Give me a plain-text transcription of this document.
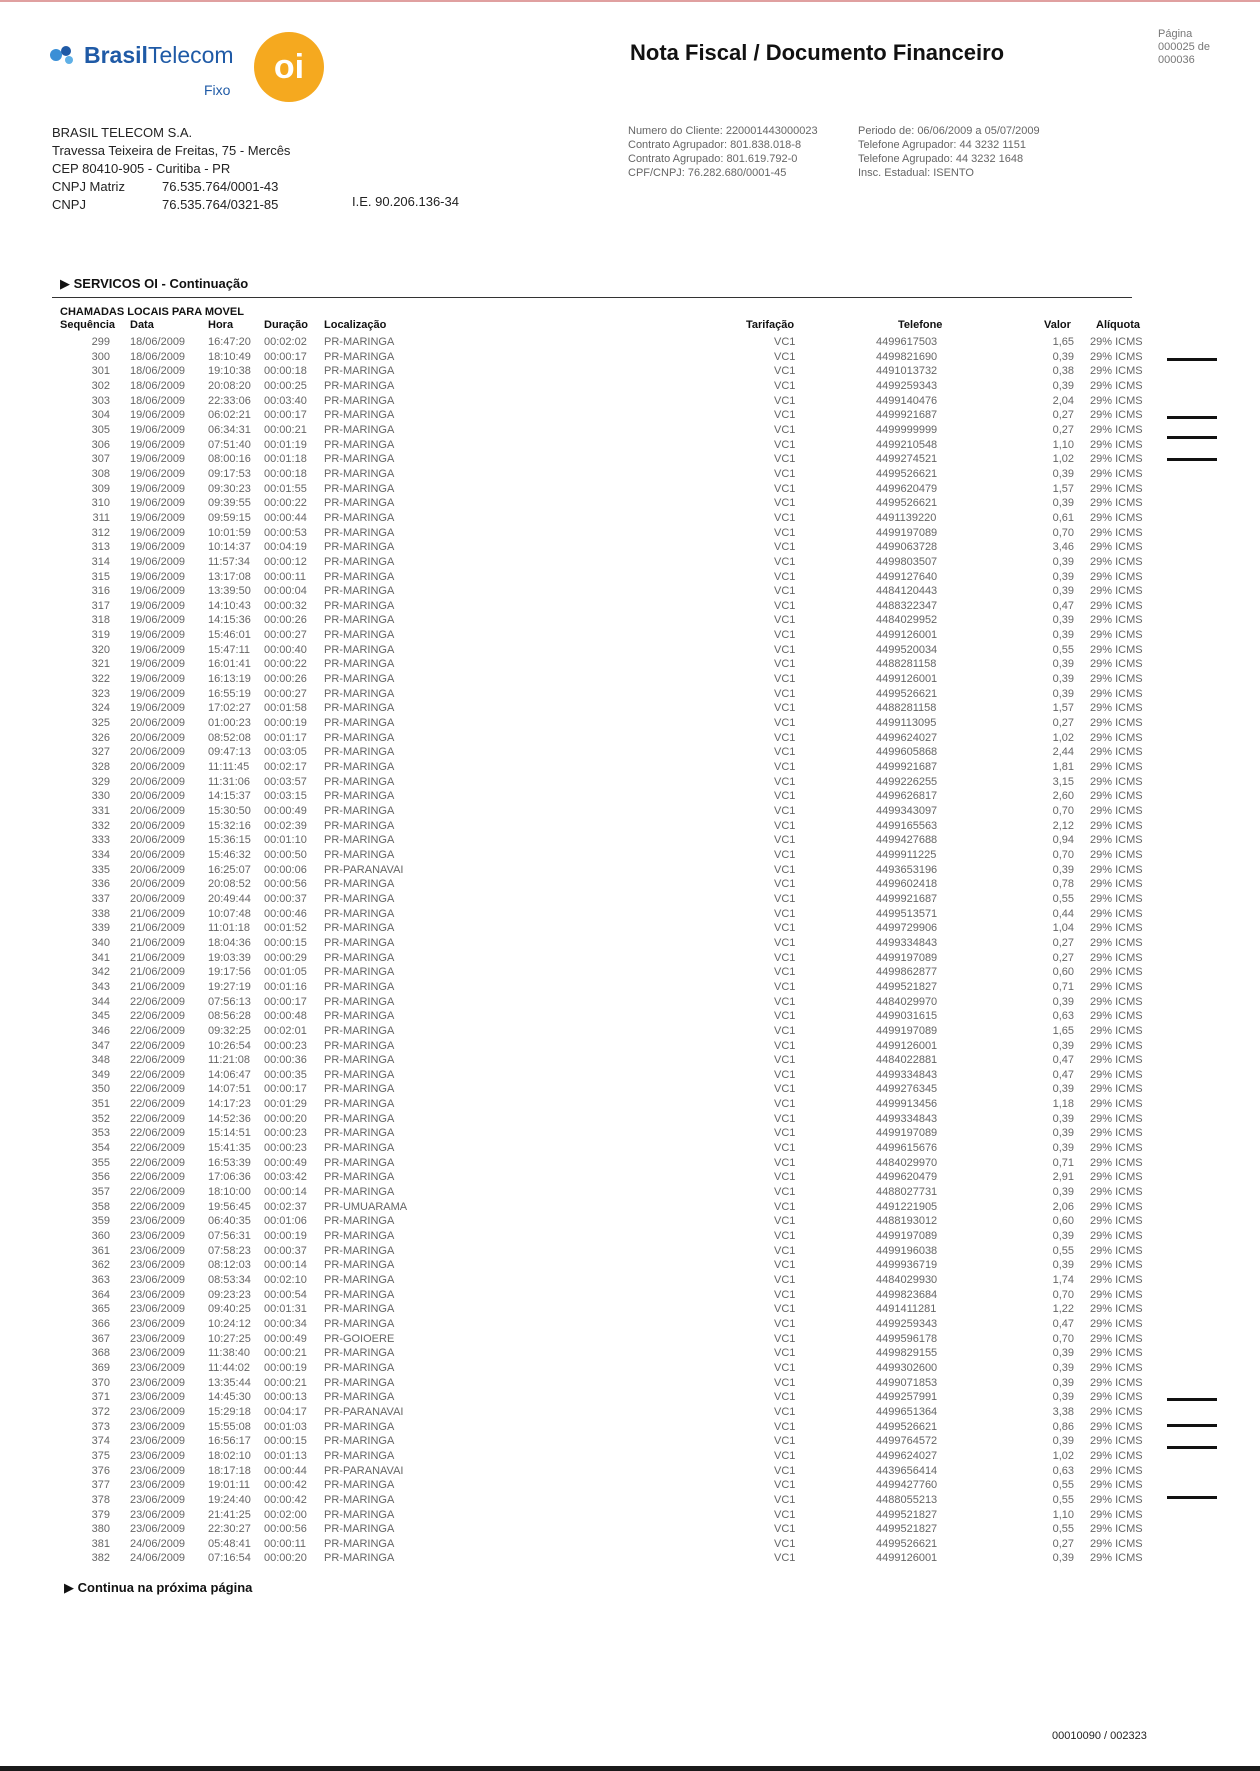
BrasilTelecom
Fixo
oi	Nota Fiscal / Documento Financeiro
Página
000025 de
000036
BRASIL TELECOM S.A.
Travessa Teixeira de Freitas, 75 - Mercês
CEP 80410-905 - Curitiba - PR
CNPJ Matriz	76.535.764/0001-43
CNPJ	76.535.764/0321-85	I.E. 90.206.136-34
Numero do Cliente: 220001443000023
Contrato Agrupador: 801.838.018-8
Contrato Agrupado: 801.619.792-0
CPF/CNPJ: 76.282.680/0001-45
Periodo de: 06/06/2009 a 05/07/2009
Telefone Agrupador: 44 3232 1151
Telefone Agrupado: 44 3232 1648
Insc. Estadual: ISENTO
▶ SERVICOS OI - Continuação
CHAMADAS LOCAIS PARA MOVEL
Sequência Data	Hora	Duração Localização	Tarifação	Telefone	Valor Alíquota
299 18/06/2009 16:47:20 00:02:02 PR-MARINGA	VC1	4499617503	1,65 29% ICMS
300 18/06/2009 18:10:49 00:00:17 PR-MARINGA	VC1	4499821690	0,39 29% ICMS
301 18/06/2009 19:10:38 00:00:18 PR-MARINGA	VC1	4491013732	0,38 29% ICMS
302 18/06/2009 20:08:20 00:00:25 PR-MARINGA	VC1	4499259343	0,39 29% ICMS
303 18/06/2009 22:33:06 00:03:40 PR-MARINGA	VC1	4499140476	2,04 29% ICMS
304 19/06/2009 06:02:21 00:00:17 PR-MARINGA	VC1	4499921687	0,27 29% ICMS
305 19/06/2009 06:34:31 00:00:21 PR-MARINGA	VC1	4499999999	0,27 29% ICMS
306 19/06/2009 07:51:40 00:01:19 PR-MARINGA	VC1	4499210548	1,10 29% ICMS
307 19/06/2009 08:00:16 00:01:18 PR-MARINGA	VC1	4499274521	1,02 29% ICMS
308 19/06/2009 09:17:53 00:00:18 PR-MARINGA	VC1	4499526621	0,39 29% ICMS
309 19/06/2009 09:30:23 00:01:55 PR-MARINGA	VC1	4499620479	1,57 29% ICMS
310 19/06/2009 09:39:55 00:00:22 PR-MARINGA	VC1	4499526621	0,39 29% ICMS
311 19/06/2009 09:59:15 00:00:44 PR-MARINGA	VC1	4491139220	0,61 29% ICMS
312 19/06/2009 10:01:59 00:00:53 PR-MARINGA	VC1	4499197089	0,70 29% ICMS
313 19/06/2009 10:14:37 00:04:19 PR-MARINGA	VC1	4499063728	3,46 29% ICMS
314 19/06/2009 11:57:34 00:00:12 PR-MARINGA	VC1	4499803507	0,39 29% ICMS
315 19/06/2009 13:17:08 00:00:11 PR-MARINGA	VC1	4499127640	0,39 29% ICMS
316 19/06/2009 13:39:50 00:00:04 PR-MARINGA	VC1	4484120443	0,39 29% ICMS
317 19/06/2009 14:10:43 00:00:32 PR-MARINGA	VC1	4488322347	0,47 29% ICMS
318 19/06/2009 14:15:36 00:00:26 PR-MARINGA	VC1	4484029952	0,39 29% ICMS
319 19/06/2009 15:46:01 00:00:27 PR-MARINGA	VC1	4499126001	0,39 29% ICMS
320 19/06/2009 15:47:11 00:00:40 PR-MARINGA	VC1	4499520034	0,55 29% ICMS
321 19/06/2009 16:01:41 00:00:22 PR-MARINGA	VC1	4488281158	0,39 29% ICMS
322 19/06/2009 16:13:19 00:00:26 PR-MARINGA	VC1	4499126001	0,39 29% ICMS
323 19/06/2009 16:55:19 00:00:27 PR-MARINGA	VC1	4499526621	0,39 29% ICMS
324 19/06/2009 17:02:27 00:01:58 PR-MARINGA	VC1	4488281158	1,57 29% ICMS
325 20/06/2009 01:00:23 00:00:19 PR-MARINGA	VC1	4499113095	0,27 29% ICMS
326 20/06/2009 08:52:08 00:01:17 PR-MARINGA	VC1	4499624027	1,02 29% ICMS
327 20/06/2009 09:47:13 00:03:05 PR-MARINGA	VC1	4499605868	2,44 29% ICMS
328 20/06/2009 11:11:45 00:02:17 PR-MARINGA	VC1	4499921687	1,81 29% ICMS
329 20/06/2009 11:31:06 00:03:57 PR-MARINGA	VC1	4499226255	3,15 29% ICMS
330 20/06/2009 14:15:37 00:03:15 PR-MARINGA	VC1	4499626817	2,60 29% ICMS
331 20/06/2009 15:30:50 00:00:49 PR-MARINGA	VC1	4499343097	0,70 29% ICMS
332 20/06/2009 15:32:16 00:02:39 PR-MARINGA	VC1	4499165563	2,12 29% ICMS
333 20/06/2009 15:36:15 00:01:10 PR-MARINGA	VC1	4499427688	0,94 29% ICMS
334 20/06/2009 15:46:32 00:00:50 PR-MARINGA	VC1	4499911225	0,70 29% ICMS
335 20/06/2009 16:25:07 00:00:06 PR-PARANAVAI	VC1	4493653196	0,39 29% ICMS
336 20/06/2009 20:08:52 00:00:56 PR-MARINGA	VC1	4499602418	0,78 29% ICMS
337 20/06/2009 20:49:44 00:00:37 PR-MARINGA	VC1	4499921687	0,55 29% ICMS
338 21/06/2009 10:07:48 00:00:46 PR-MARINGA	VC1	4499513571	0,44 29% ICMS
339 21/06/2009 11:01:18 00:01:52 PR-MARINGA	VC1	4499729906	1,04 29% ICMS
340 21/06/2009 18:04:36 00:00:15 PR-MARINGA	VC1	4499334843	0,27 29% ICMS
341 21/06/2009 19:03:39 00:00:29 PR-MARINGA	VC1	4499197089	0,27 29% ICMS
342 21/06/2009 19:17:56 00:01:05 PR-MARINGA	VC1	4499862877	0,60 29% ICMS
343 21/06/2009 19:27:19 00:01:16 PR-MARINGA	VC1	4499521827	0,71 29% ICMS
344 22/06/2009 07:56:13 00:00:17 PR-MARINGA	VC1	4484029970	0,39 29% ICMS
345 22/06/2009 08:56:28 00:00:48 PR-MARINGA	VC1	4499031615	0,63 29% ICMS
346 22/06/2009 09:32:25 00:02:01 PR-MARINGA	VC1	4499197089	1,65 29% ICMS
347 22/06/2009 10:26:54 00:00:23 PR-MARINGA	VC1	4499126001	0,39 29% ICMS
348 22/06/2009 11:21:08 00:00:36 PR-MARINGA	VC1	4484022881	0,47 29% ICMS
349 22/06/2009 14:06:47 00:00:35 PR-MARINGA	VC1	4499334843	0,47 29% ICMS
350 22/06/2009 14:07:51 00:00:17 PR-MARINGA	VC1	4499276345	0,39 29% ICMS
351 22/06/2009 14:17:23 00:01:29 PR-MARINGA	VC1	4499913456	1,18 29% ICMS
352 22/06/2009 14:52:36 00:00:20 PR-MARINGA	VC1	4499334843	0,39 29% ICMS
353 22/06/2009 15:14:51 00:00:23 PR-MARINGA	VC1	4499197089	0,39 29% ICMS
354 22/06/2009 15:41:35 00:00:23 PR-MARINGA	VC1	4499615676	0,39 29% ICMS
355 22/06/2009 16:53:39 00:00:49 PR-MARINGA	VC1	4484029970	0,71 29% ICMS
356 22/06/2009 17:06:36 00:03:42 PR-MARINGA	VC1	4499620479	2,91 29% ICMS
357 22/06/2009 18:10:00 00:00:14 PR-MARINGA	VC1	4488027731	0,39 29% ICMS
358 22/06/2009 19:56:45 00:02:37 PR-UMUARAMA	VC1	4491221905	2,06 29% ICMS
359 23/06/2009 06:40:35 00:01:06 PR-MARINGA	VC1	4488193012	0,60 29% ICMS
360 23/06/2009 07:56:31 00:00:19 PR-MARINGA	VC1	4499197089	0,39 29% ICMS
361 23/06/2009 07:58:23 00:00:37 PR-MARINGA	VC1	4499196038	0,55 29% ICMS
362 23/06/2009 08:12:03 00:00:14 PR-MARINGA	VC1	4499936719	0,39 29% ICMS
363 23/06/2009 08:53:34 00:02:10 PR-MARINGA	VC1	4484029930	1,74 29% ICMS
364 23/06/2009 09:23:23 00:00:54 PR-MARINGA	VC1	4499823684	0,70 29% ICMS
365 23/06/2009 09:40:25 00:01:31 PR-MARINGA	VC1	4491411281	1,22 29% ICMS
366 23/06/2009 10:24:12 00:00:34 PR-MARINGA	VC1	4499259343	0,47 29% ICMS
367 23/06/2009 10:27:25 00:00:49 PR-GOIOERE	VC1	4499596178	0,70 29% ICMS
368 23/06/2009 11:38:40 00:00:21 PR-MARINGA	VC1	4499829155	0,39 29% ICMS
369 23/06/2009 11:44:02 00:00:19 PR-MARINGA	VC1	4499302600	0,39 29% ICMS
370 23/06/2009 13:35:44 00:00:21 PR-MARINGA	VC1	4499071853	0,39 29% ICMS
371 23/06/2009 14:45:30 00:00:13 PR-MARINGA	VC1	4499257991	0,39 29% ICMS
372 23/06/2009 15:29:18 00:04:17 PR-PARANAVAI	VC1	4499651364	3,38 29% ICMS
373 23/06/2009 15:55:08 00:01:03 PR-MARINGA	VC1	4499526621	0,86 29% ICMS
374 23/06/2009 16:56:17 00:00:15 PR-MARINGA	VC1	4499764572	0,39 29% ICMS
375 23/06/2009 18:02:10 00:01:13 PR-MARINGA	VC1	4499624027	1,02 29% ICMS
376 23/06/2009 18:17:18 00:00:44 PR-PARANAVAI	VC1	4439656414	0,63 29% ICMS
377 23/06/2009 19:01:11 00:00:42 PR-MARINGA	VC1	4499427760	0,55 29% ICMS
378 23/06/2009 19:24:40 00:00:42 PR-MARINGA	VC1	4488055213	0,55 29% ICMS
379 23/06/2009 21:41:25 00:02:00 PR-MARINGA	VC1	4499521827	1,10 29% ICMS
380 23/06/2009 22:30:27 00:00:56 PR-MARINGA	VC1	4499521827	0,55 29% ICMS
381 24/06/2009 05:48:41 00:00:11 PR-MARINGA	VC1	4499526621	0,27 29% ICMS
382 24/06/2009 07:16:54 00:00:20 PR-MARINGA	VC1	4499126001	0,39 29% ICMS
▶ Continua na próxima página
00010090 / 002323
